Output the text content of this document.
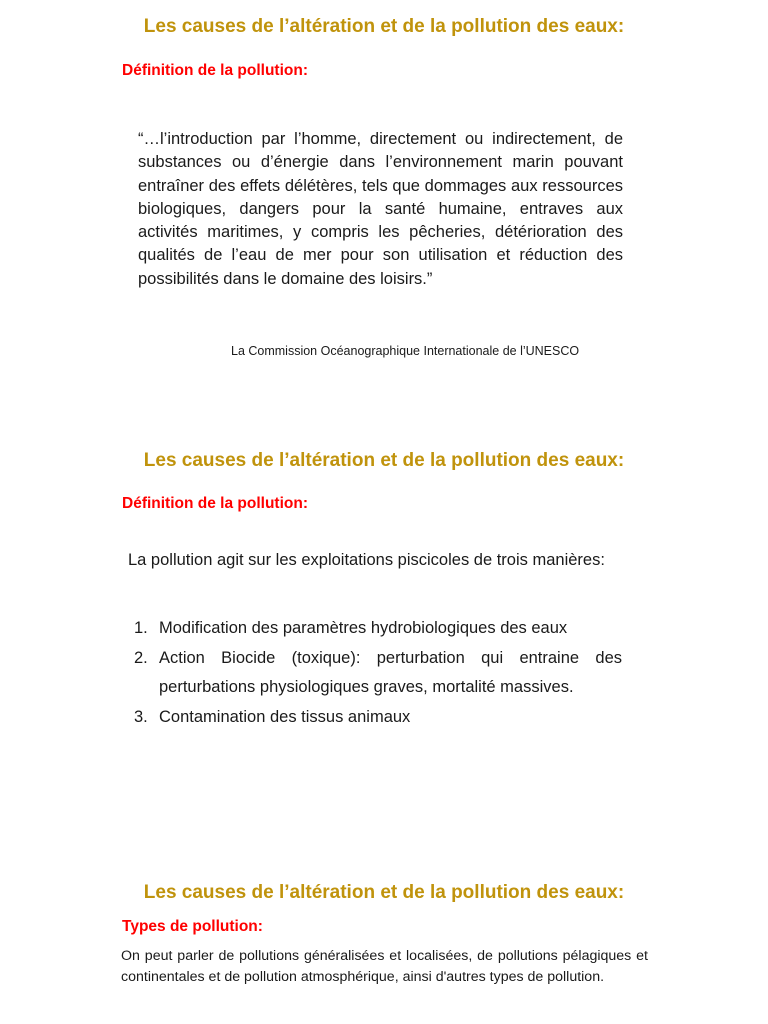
Les causes de l’altération et de la pollution des eaux:
Définition de la pollution:

“…l’introduction par l’homme, directement ou indirectement, de substances ou d’énergie dans l’environnement marin pouvant entraîner des effets délétères, tels que dommages aux ressources biologiques, dangers pour la santé humaine, entraves aux activités maritimes, y compris les pêcheries, détérioration des qualités de l’eau de mer pour son utilisation et réduction des possibilités dans le domaine des loisirs.”

La Commission Océanographique Internationale de l’UNESCO

Les causes de l’altération et de la pollution des eaux:
Définition de la pollution:

La pollution agit sur les exploitations piscicoles de trois manières:

1. Modification des paramètres hydrobiologiques des eaux
2. Action Biocide (toxique): perturbation qui entraine des perturbations physiologiques graves, mortalité massives.
3. Contamination des tissus animaux
Les causes de l’altération et de la pollution des eaux:
Types de pollution:

On peut parler de pollutions généralisées et localisées, de pollutions pélagiques et continentales et de pollution atmosphérique, ainsi d'autres types de pollution.
